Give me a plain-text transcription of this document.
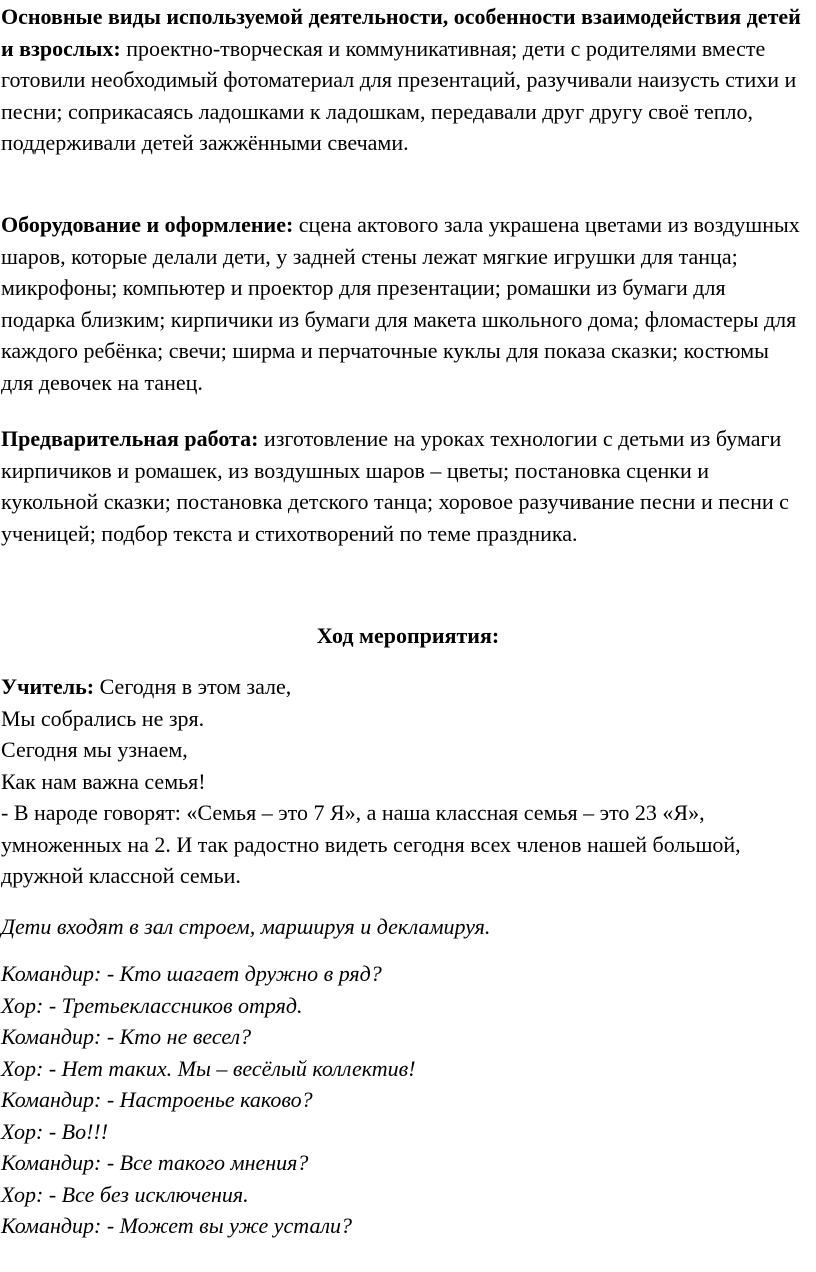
Основные виды используемой деятельности, особенности взаимодействия детей и взрослых: проектно-творческая и коммуникативная; дети с родителями вместе готовили необходимый фотоматериал для презентаций, разучивали наизусть стихи и песни; соприкасаясь ладошками к ладошкам, передавали друг другу своё тепло, поддерживали детей зажжёнными свечами.

Оборудование и оформление: сцена актового зала украшена цветами из воздушных шаров, которые делали дети, у задней стены лежат мягкие игрушки для танца; микрофоны; компьютер и проектор для презентации; ромашки из бумаги для подарка близким; кирпичики из бумаги для макета школьного дома; фломастеры для каждого ребёнка; свечи; ширма и перчаточные куклы для показа сказки; костюмы для девочек на танец.

Предварительная работа: изготовление на уроках технологии с детьми из бумаги кирпичиков и ромашек, из воздушных шаров – цветы; постановка сценки и кукольной сказки; постановка детского танца; хоровое разучивание песни и песни с ученицей; подбор текста и стихотворений по теме праздника.

Ход мероприятия:
Учитель: Сегодня в этом зале,
Мы собрались не зря.
Сегодня мы узнаем,
Как нам важна семья!
- В народе говорят: «Семья – это 7 Я», а наша классная семья – это 23 «Я», умноженных на 2. И так радостно видеть сегодня всех членов нашей большой, дружной классной семьи.

Дети входят в зал строем, маршируя и декламируя.

Командир: - Кто шагает дружно в ряд?
Хор: - Третьеклассников отряд.
Командир: - Кто не весел?
Хор: - Нет таких. Мы – весёлый коллектив!
Командир: - Настроенье каково?
Хор: - Во!!!
Командир: - Все такого мнения?
Хор: - Все без исключения.
Командир: - Может вы уже устали?
